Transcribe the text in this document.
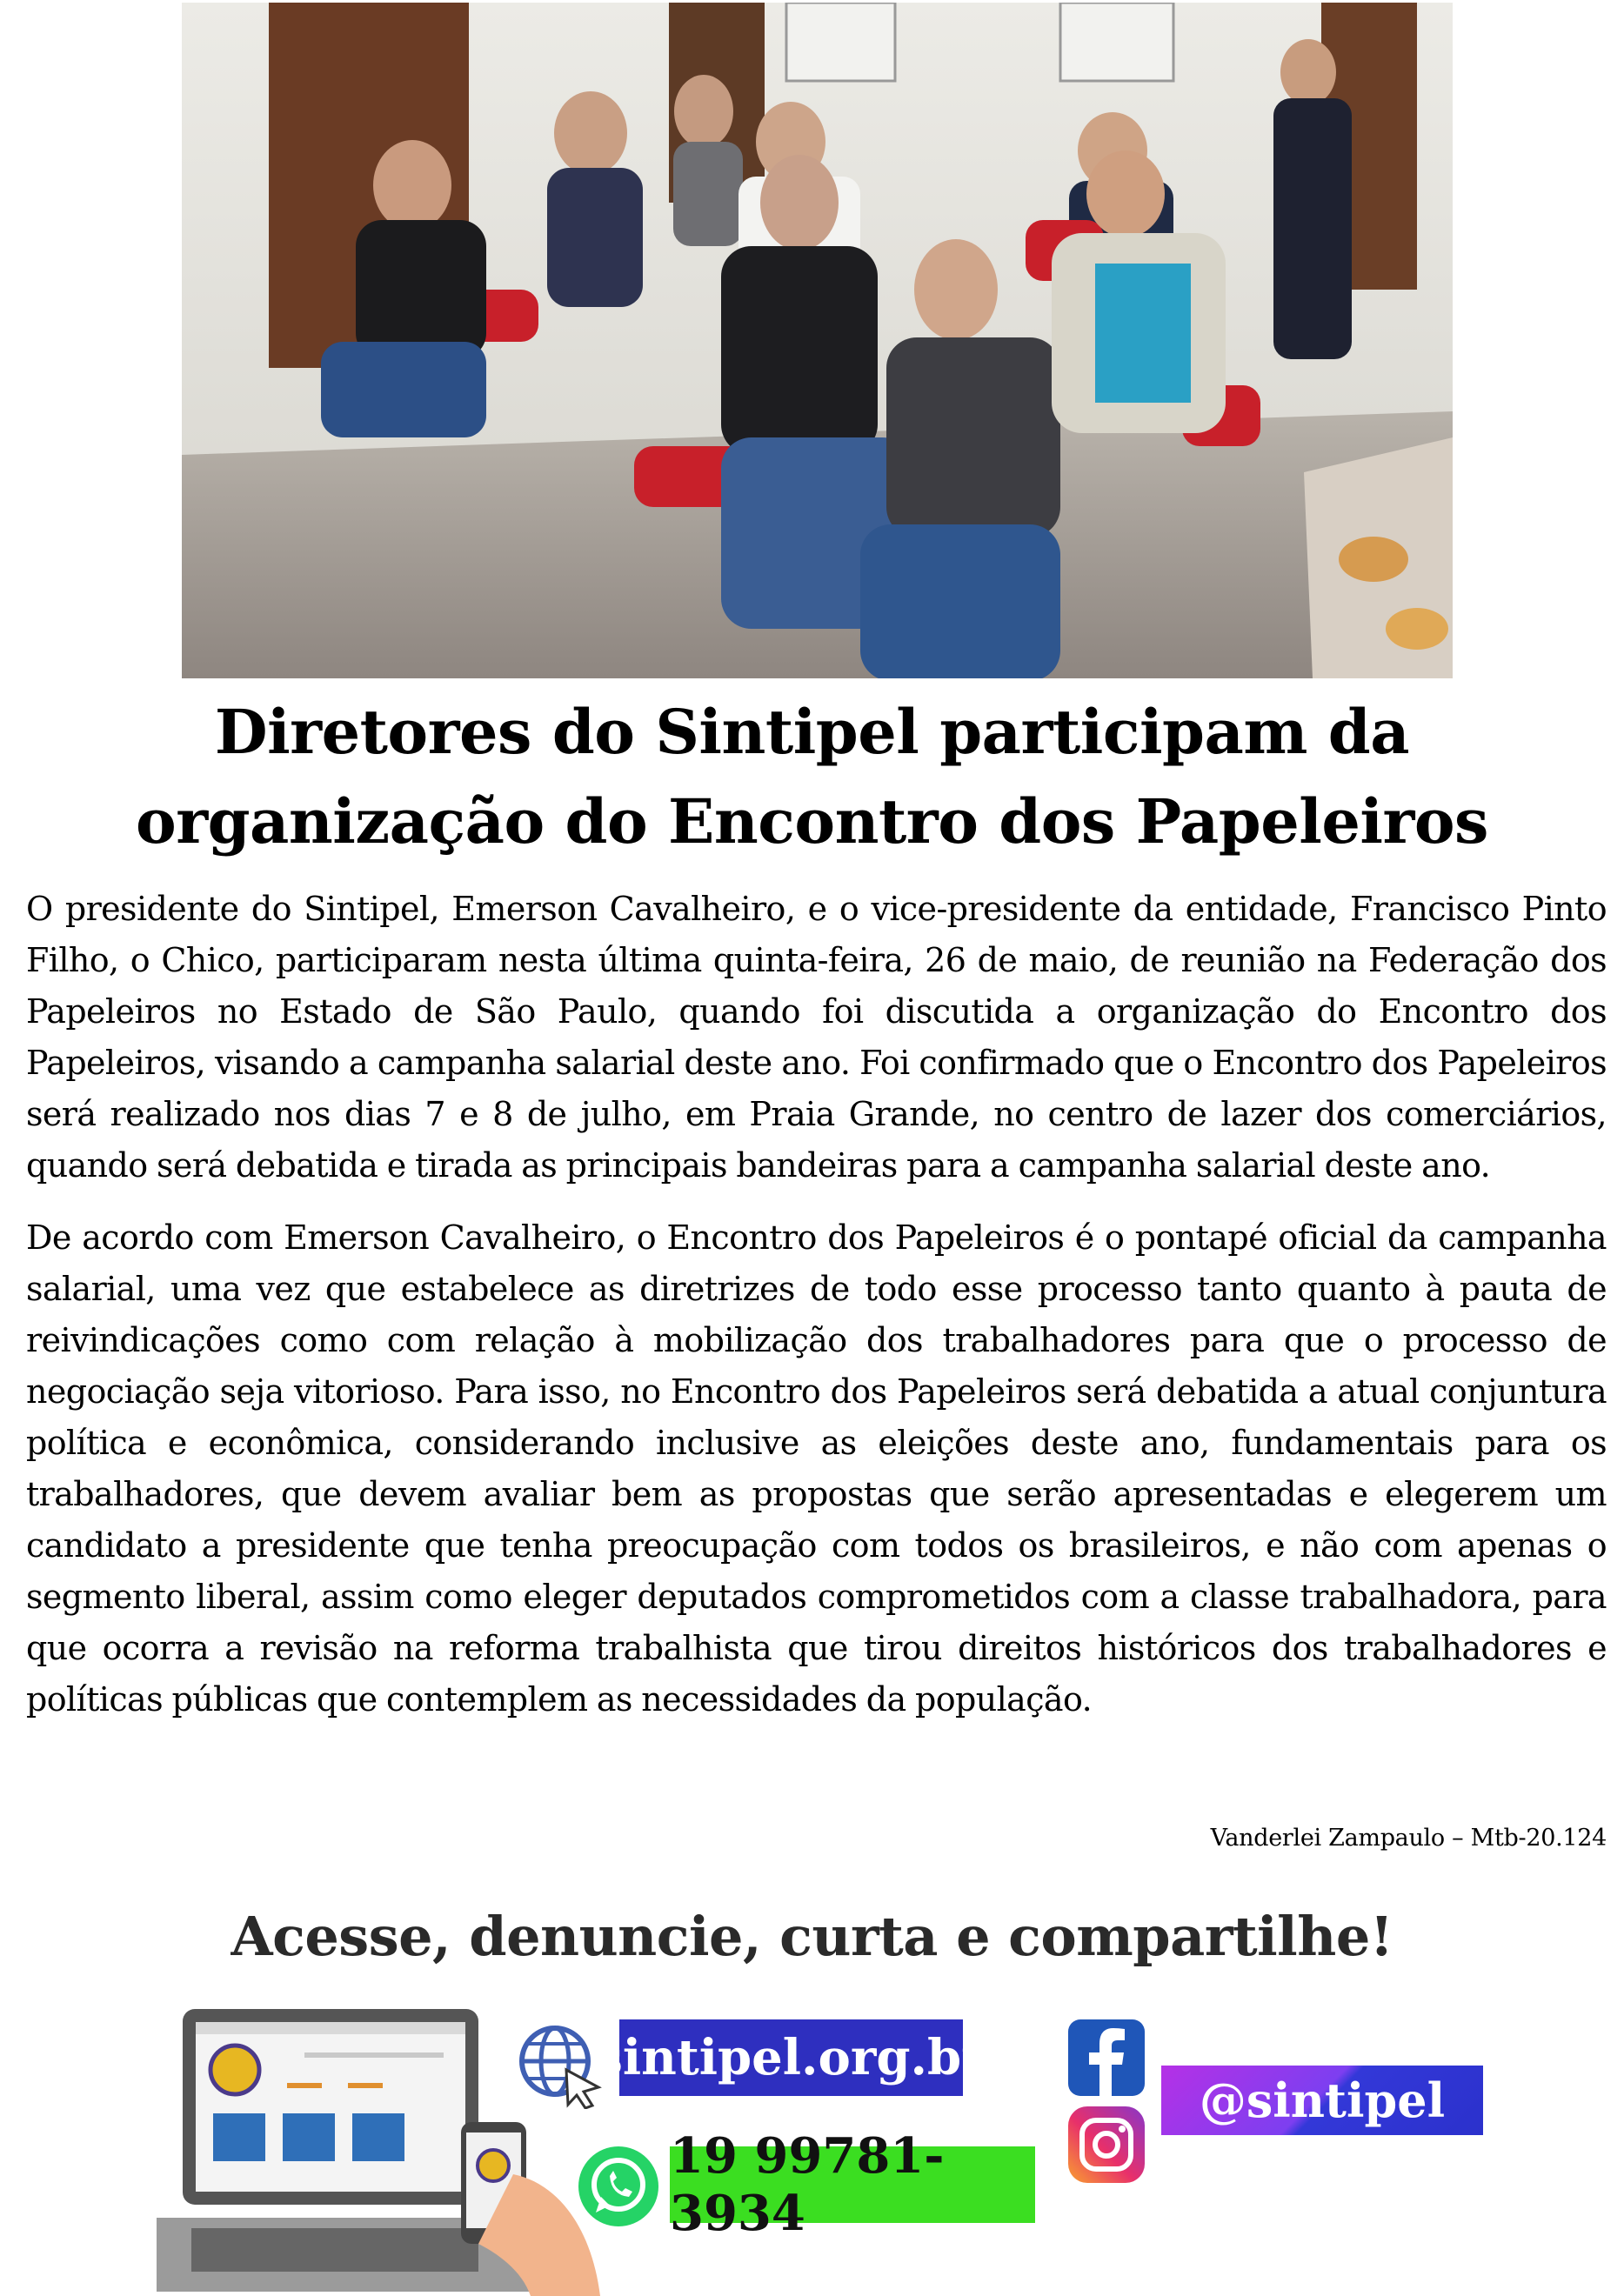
Diretores do Sintipel participam da organização do Encontro dos Papeleiros

O presidente do Sintipel, Emerson Cavalheiro, e o vice-presidente da entidade, Francisco Pinto Filho, o Chico, participaram nesta última quinta-feira, 26 de maio, de reunião na Federação dos Papeleiros no Estado de São Paulo, quando foi discutida a organização do Encontro dos Papeleiros, visando a campanha salarial deste ano. Foi confirmado que o Encontro dos Papeleiros será realizado nos dias 7 e 8 de julho, em Praia Grande, no centro de lazer dos comerciários, quando será debatida e tirada as principais bandeiras para a campanha salarial deste ano.

De acordo com Emerson Cavalheiro, o Encontro dos Papeleiros é o pontapé oficial da campanha salarial, uma vez que estabelece as diretrizes de todo esse processo tanto quanto à pauta de reivindicações como com relação à mobilização dos trabalhadores para que o processo de negociação seja vitorioso. Para isso, no Encontro dos Papeleiros será debatida a atual conjuntura política e econômica, considerando inclusive as eleições deste ano, fundamentais para os trabalhadores, que devem avaliar bem as propostas que serão apresentadas e elegerem um candidato a presidente que tenha preocupação com todos os brasileiros, e não com apenas o segmento liberal, assim como eleger deputados comprometidos com a classe trabalhadora, para que ocorra a revisão na reforma trabalhista que tirou direitos históricos dos trabalhadores e políticas públicas que contemplem as necessidades da população.

Vanderlei Zampaulo – Mtb-20.124
Acesse, denuncie, curta e compartilhe!
sintipel.org.br
19 99781-3934
@sintipel
